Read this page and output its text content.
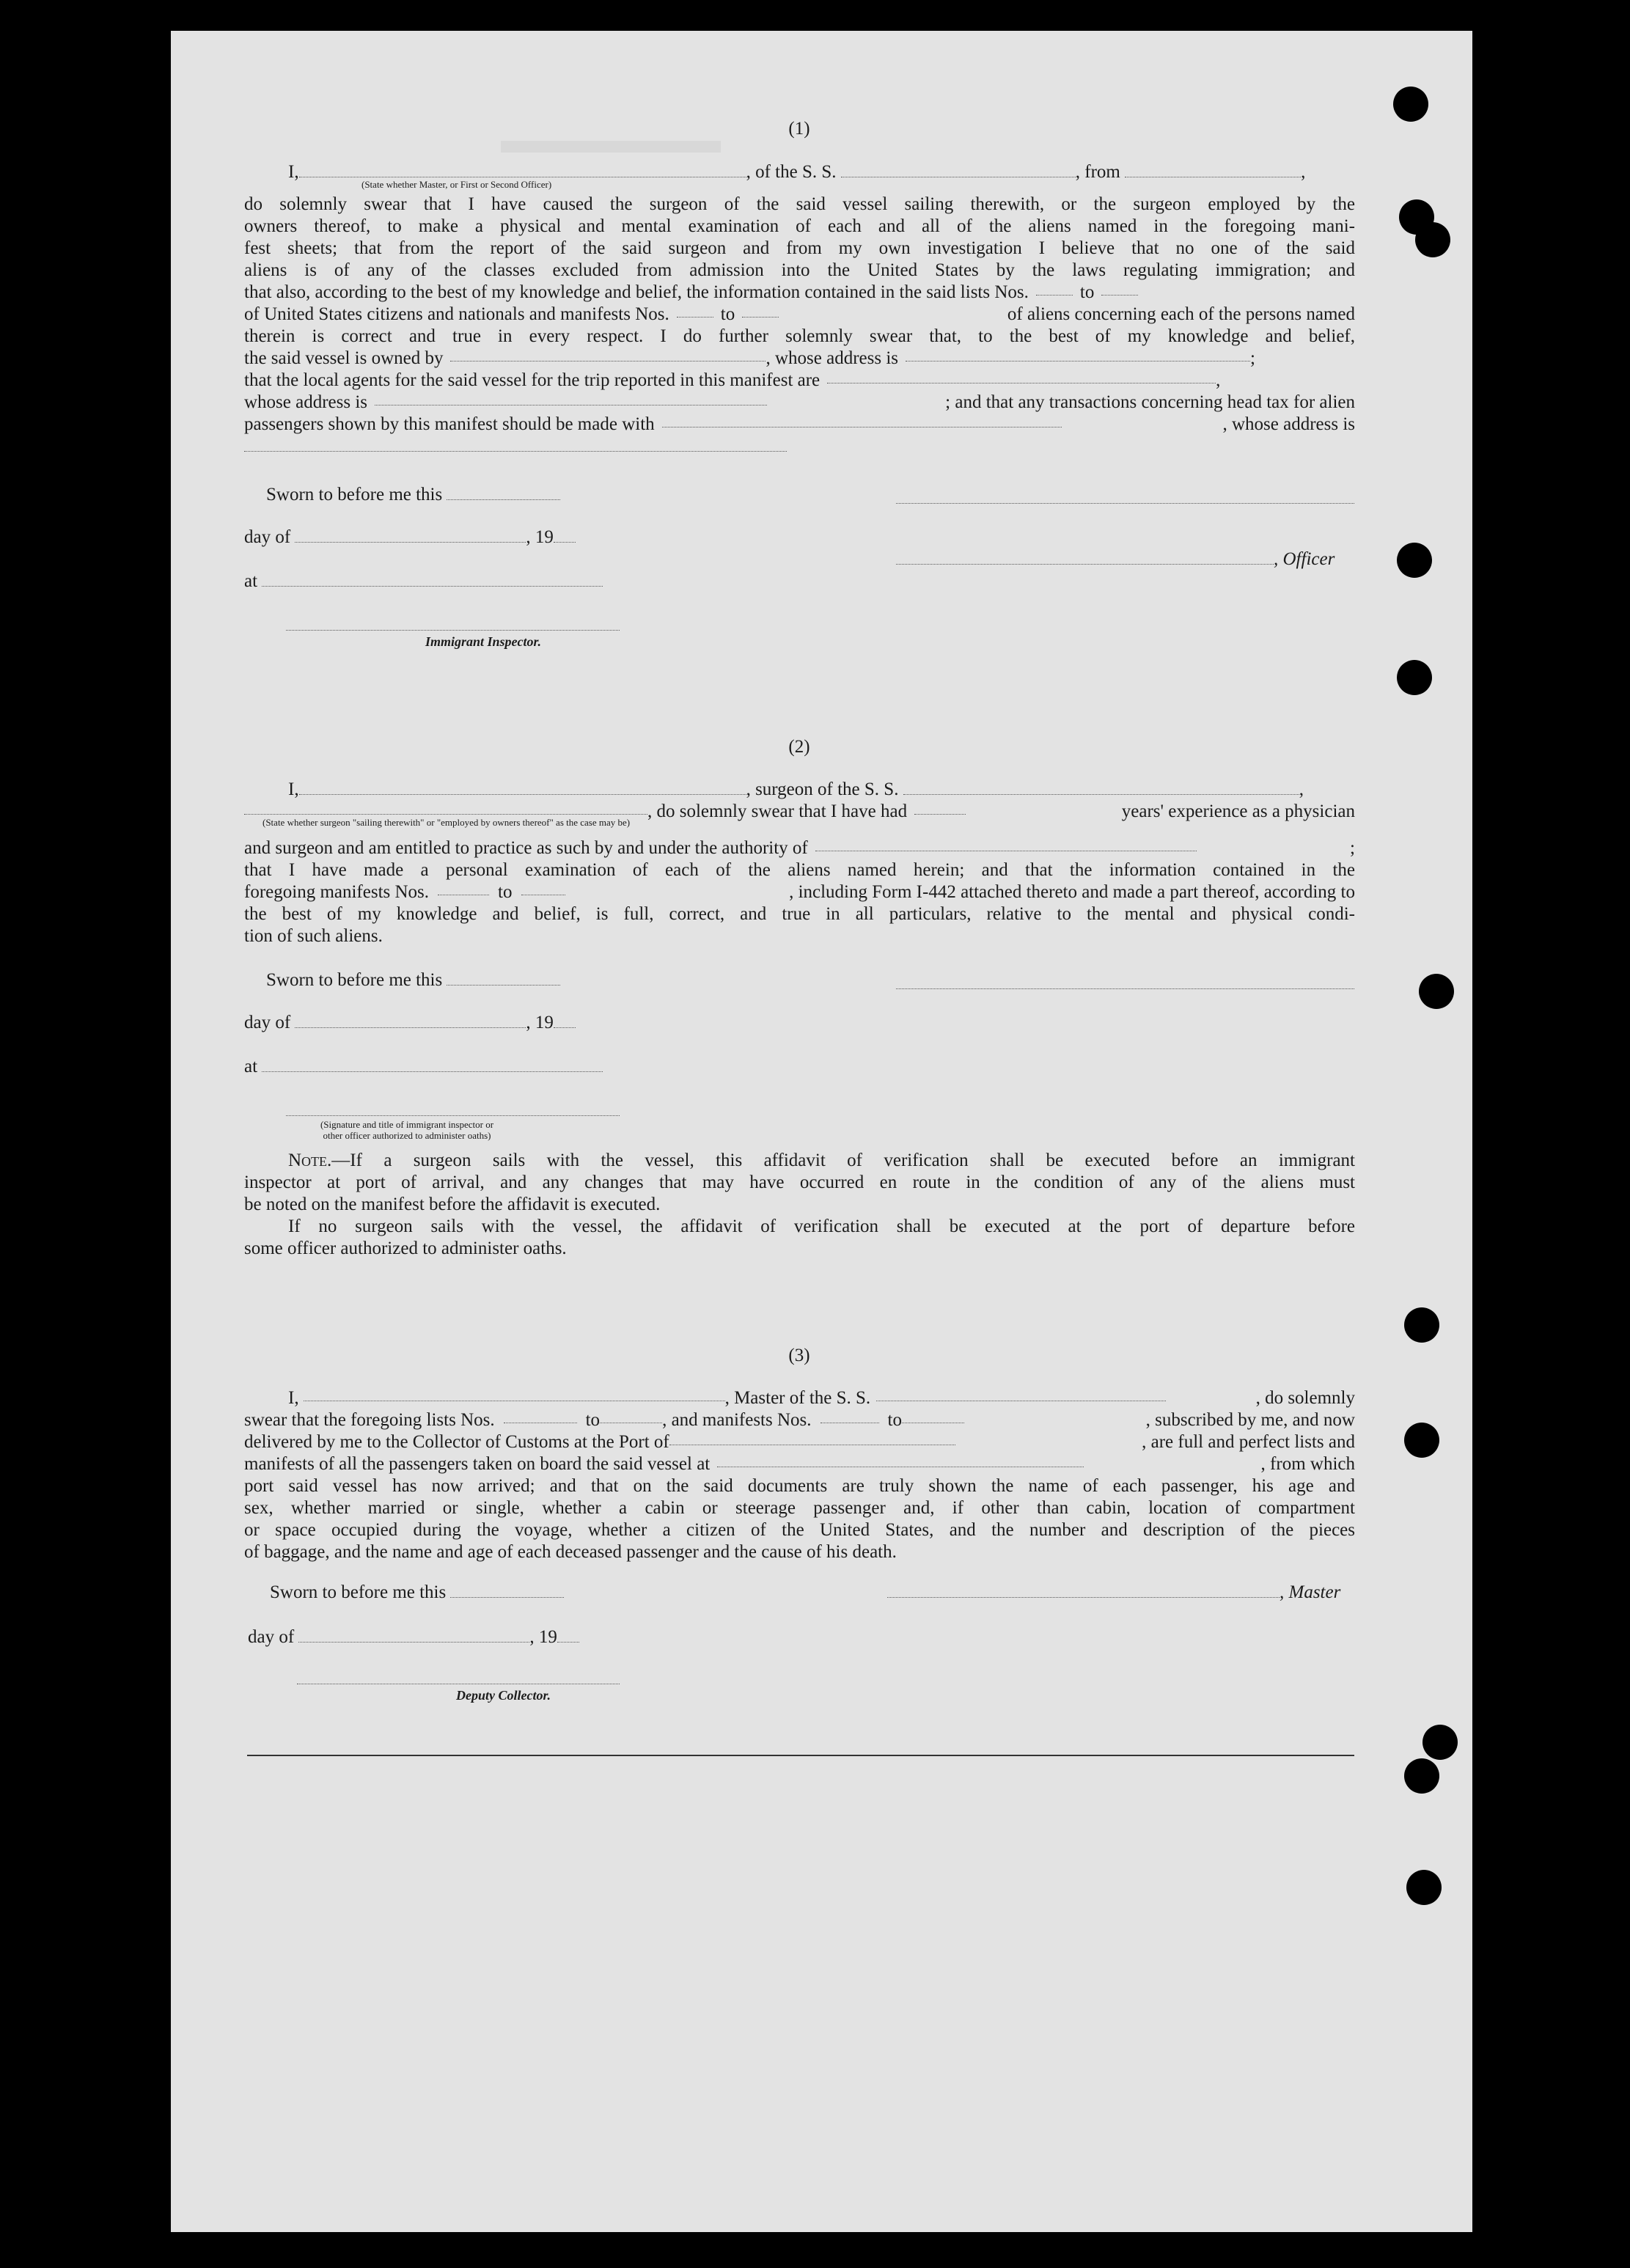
(1)

I,	, of the S. S.	, from	,

(State whether Master, or First or Second Officer)

do solemnly swear that I have caused the surgeon of the said vessel sailing therewith, or the surgeon employed by the

owners thereof, to make a physical and mental examination of each and all of the aliens named in the foregoing mani-

fest sheets; that from the report of the said surgeon and from my own investigation I believe that no one of the said

aliens is of any of the classes excluded from admission into the United States by the laws regulating immigration; and

that also, according to the best of my knowledge and belief, the information contained in the said lists Nos.	to

of United States citizens and nationals and manifests Nos.	to	of aliens concerning each of the persons named

therein is correct and true in every respect. I do further solemnly swear that, to the best of my knowledge and belief,

the said vessel is owned by	, whose address is	;

that the local agents for the said vessel for the trip reported in this manifest are	,

whose address is	; and that any transactions concerning head tax for alien

passengers shown by this manifest should be made with	, whose address is

Sworn to before me this
day of	, 19
, Officer
at
Immigrant Inspector.
(2)

I,	, surgeon of the S. S.	,

, do solemnly swear that I have had	years' experience as a physician

(State whether surgeon "sailing therewith" or "employed by owners thereof" as the case may be)

and surgeon and am entitled to practice as such by and under the authority of	;

that I have made a personal examination of each of the aliens named herein; and that the information contained in the

foregoing manifests Nos.	to	, including Form I-442 attached thereto and made a part thereof, according to

the best of my knowledge and belief, is full, correct, and true in all particulars, relative to the mental and physical condi-

tion of such aliens.

Sworn to before me this
day of	, 19
at
(Signature and title of immigrant inspector or other officer authorized to administer oaths)

Note.—If a surgeon sails with the vessel, this affidavit of verification shall be executed before an immigrant

inspector at port of arrival, and any changes that may have occurred en route in the condition of any of the aliens must

be noted on the manifest before the affidavit is executed.

If no surgeon sails with the vessel, the affidavit of verification shall be executed at the port of departure before

some officer authorized to administer oaths.

(3)

I,	, Master of the S. S.	, do solemnly

swear that the foregoing lists Nos.	to	, and manifests Nos.	to	, subscribed by me, and now

delivered by me to the Collector of Customs at the Port of	, are full and perfect lists and

manifests of all the passengers taken on board the said vessel at	, from which

port said vessel has now arrived; and that on the said documents are truly shown the name of each passenger, his age and

sex, whether married or single, whether a cabin or steerage passenger and, if other than cabin, location of compartment

or space occupied during the voyage, whether a citizen of the United States, and the number and description of the pieces

of baggage, and the name and age of each deceased passenger and the cause of his death.

Sworn to before me this	, Master
day of	, 19
Deputy Collector.
